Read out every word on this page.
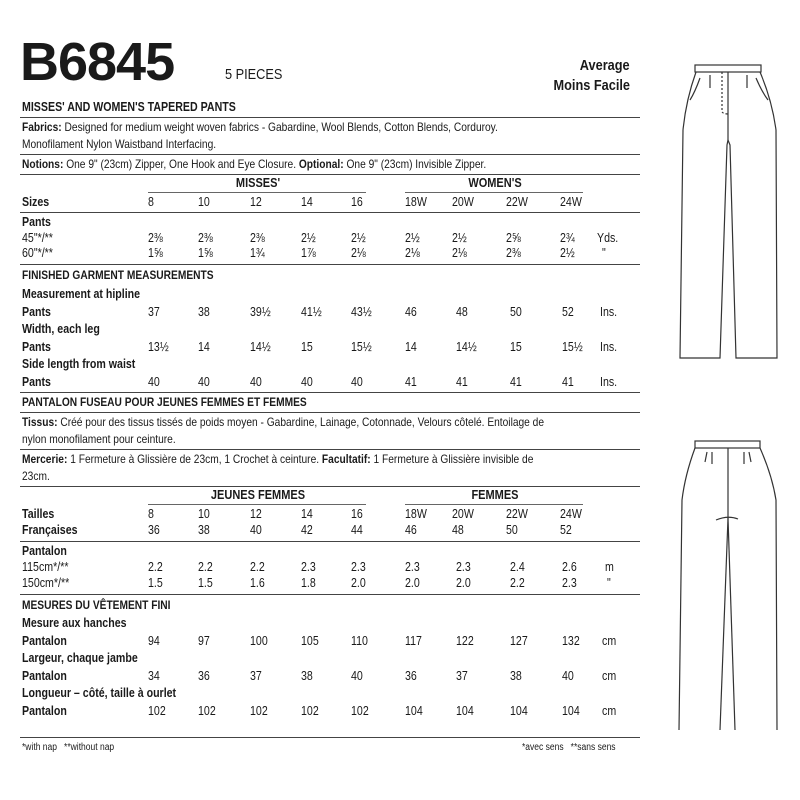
B6845	5 PIECES
Average
Moins Facile
MISSES' AND WOMEN'S TAPERED PANTS
Fabrics: Designed for medium weight woven fabrics - Gabardine, Wool Blends, Cotton Blends, Corduroy.
Monofilament Nylon Waistband Interfacing.
Notions: One 9" (23cm) Zipper, One Hook and Eye Closure. Optional: One 9" (23cm) Invisible Zipper.
MISSES'	WOMEN'S
Sizes	8	10	12	14	16	18W 20W	22W	24W
Pants
45"*/**	2⅜	2⅜	2⅜	2½	2½	2½	2½	2⅝	2¾ Yds.
60"*/**	1⅝	1⅝	1¾	1⅞	2⅛	2⅛	2⅛	2⅜	2½ "
FINISHED GARMENT MEASUREMENTS
Measurement at hipline
Pants	37	38	39½ 41½ 43½	46	48	50	52 Ins.
Width, each leg
Pants	13½ 14	14½ 15	15½	14	14½	15	15½ Ins.
Side length from waist
Pants	40	40	40	40	40	41	41	41	41 Ins.
PANTALON FUSEAU POUR JEUNES FEMMES ET FEMMES
Tissus: Créé pour des tissus tissés de poids moyen - Gabardine, Lainage, Cotonnade, Velours côtelé. Entoilage de
nylon monofilament pour ceinture.
Mercerie: 1 Fermeture à Glissière de 23cm, 1 Crochet à ceinture. Facultatif: 1 Fermeture à Glissière invisible de
23cm.
JEUNES FEMMES	FEMMES
Tailles	8	10	12	14	16	18W 20W	22W	24W
Françaises	36	38	40	42	44	46	48	50	52
Pantalon
115cm*/**	2.2	2.2	2.2	2.3	2.3	2.3	2.3	2.4	2.6 m
150cm*/**	1.5	1.5	1.6	1.8	2.0	2.0	2.0	2.2	2.3 "
MESURES DU VÊTEMENT FINI
Mesure aux hanches
Pantalon	94	97	100	105	110	117	122	127	132 cm
Largeur, chaque jambe
Pantalon	34	36	37	38	40	36	37	38	40 cm
Longueur – côté, taille à ourlet
Pantalon	102	102	102	102	102	104	104	104	104 cm
*with nap   **without nap	*avec sens   **sans sens
